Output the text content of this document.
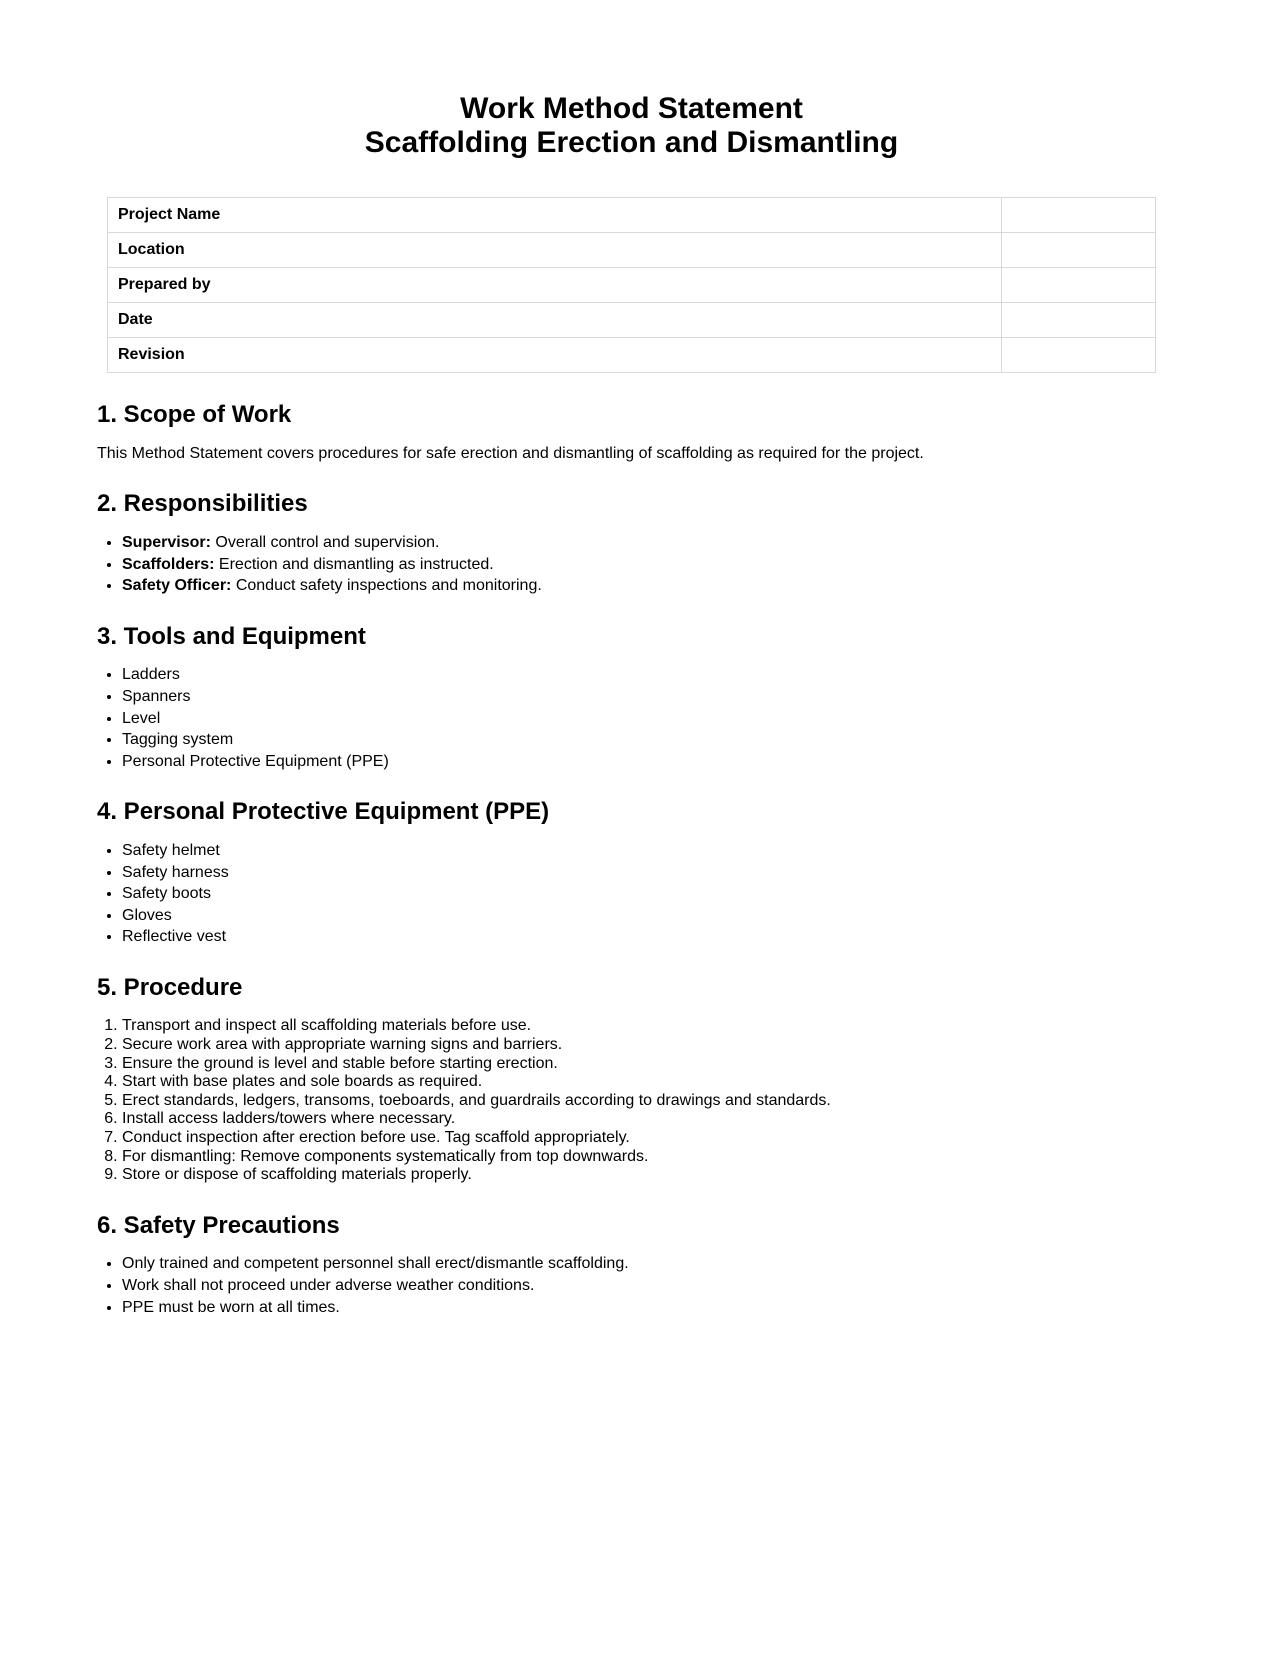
Work Method Statement
Scaffolding Erection and Dismantling
Project Name	
Location	
Prepared by	
Date	
Revision	
1. Scope of Work

This Method Statement covers procedures for safe erection and dismantling of scaffolding as required for the project.

2. Responsibilities
• Supervisor: Overall control and supervision.
• Scaffolders: Erection and dismantling as instructed.
• Safety Officer: Conduct safety inspections and monitoring.
3. Tools and Equipment
• Ladders
• Spanners
• Level
• Tagging system
• Personal Protective Equipment (PPE)
4. Personal Protective Equipment (PPE)
• Safety helmet
• Safety harness
• Safety boots
• Gloves
• Reflective vest
5. Procedure
1. Transport and inspect all scaffolding materials before use.
2. Secure work area with appropriate warning signs and barriers.
3. Ensure the ground is level and stable before starting erection.
4. Start with base plates and sole boards as required.
5. Erect standards, ledgers, transoms, toeboards, and guardrails according to drawings and standards.
6. Install access ladders/towers where necessary.
7. Conduct inspection after erection before use. Tag scaffold appropriately.
8. For dismantling: Remove components systematically from top downwards.
9. Store or dispose of scaffolding materials properly.
6. Safety Precautions
• Only trained and competent personnel shall erect/dismantle scaffolding.
• Work shall not proceed under adverse weather conditions.
• PPE must be worn at all times.
